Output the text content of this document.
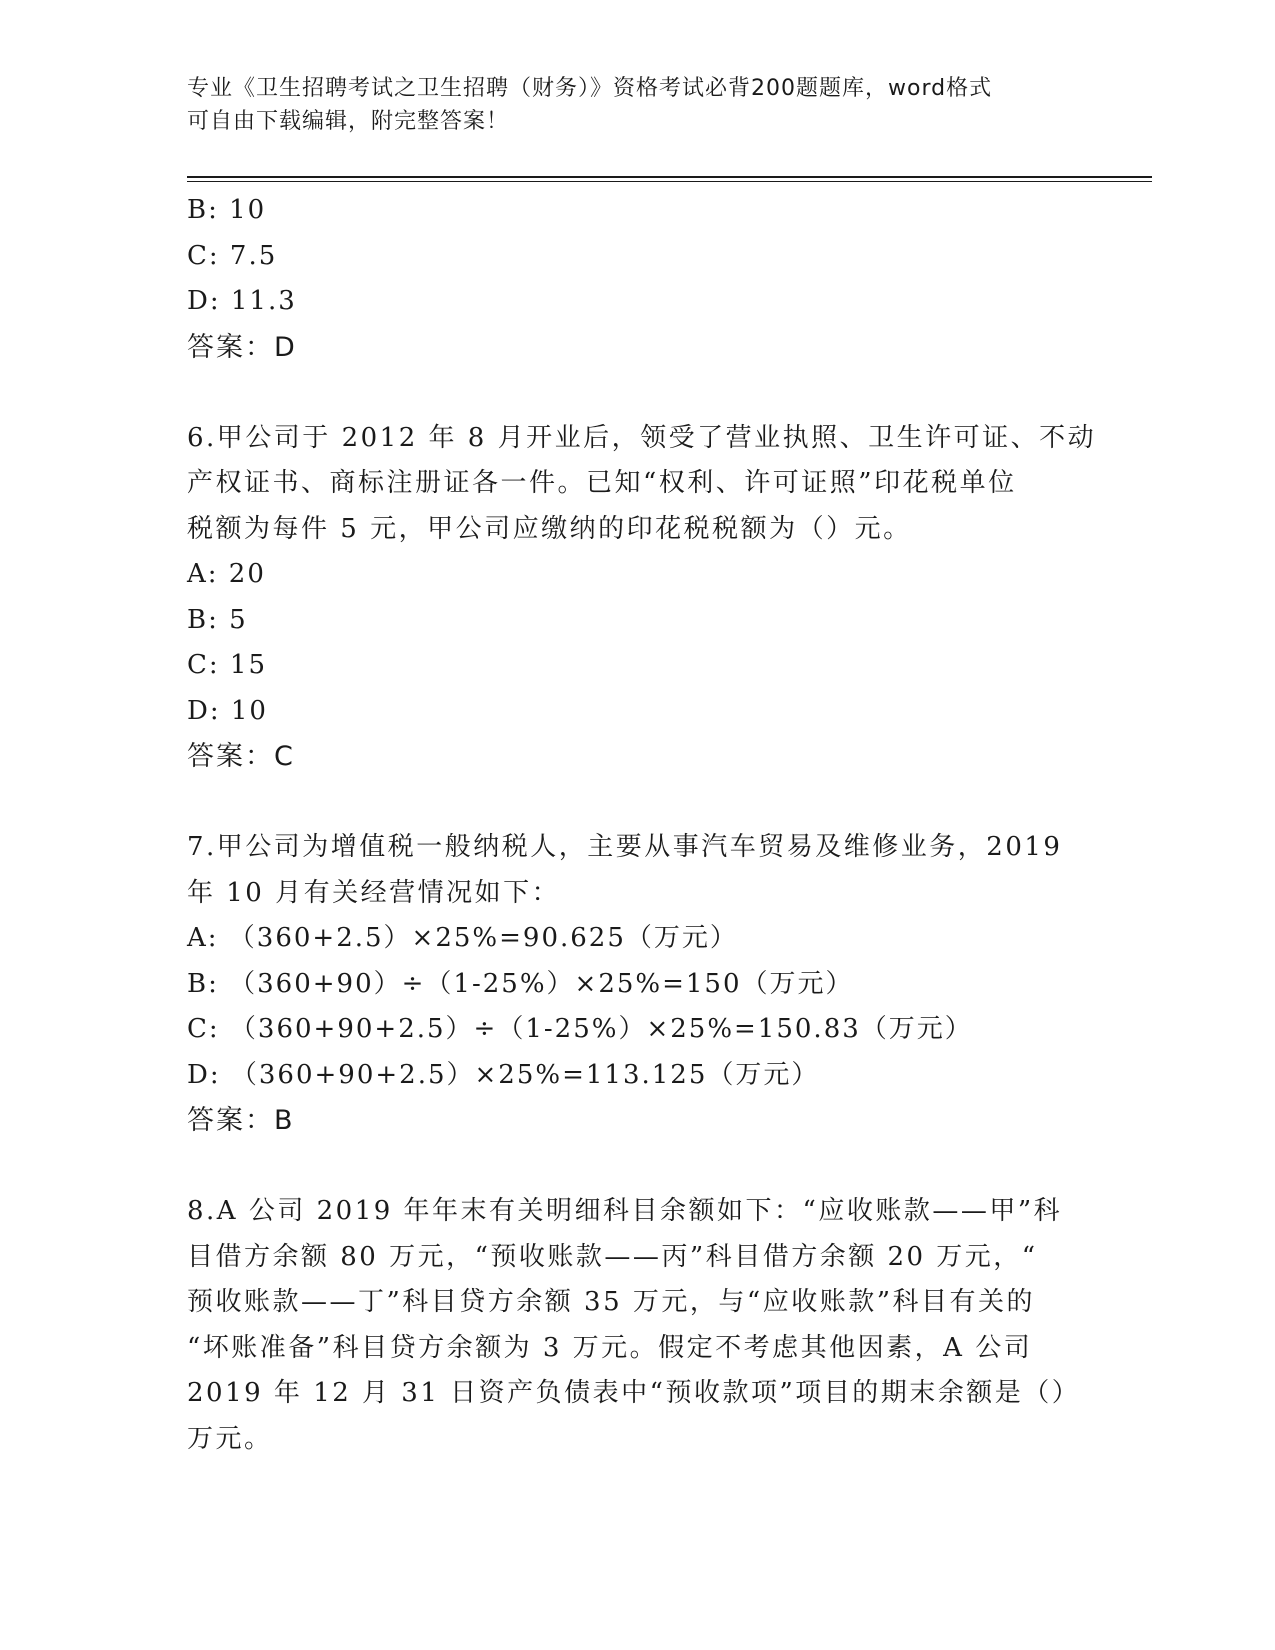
专业《卫生招聘考试之卫生招聘（财务）》资格考试必背200题题库，word格式
可自由下载编辑，附完整答案！
B: 10
C: 7.5
D: 11.3
答案：D
6.甲公司于 2012 年 8 月开业后，领受了营业执照、卫生许可证、不动
产权证书、商标注册证各一件。已知“权利、许可证照”印花税单位
税额为每件 5 元，甲公司应缴纳的印花税税额为（）元。
A: 20
B: 5
C: 15
D: 10
答案：C
7.甲公司为增值税一般纳税人，主要从事汽车贸易及维修业务，2019
年 10 月有关经营情况如下：
A: （360+2.5）×25%=90.625（万元）
B: （360+90）÷（1-25%）×25%=150（万元）
C: （360+90+2.5）÷（1-25%）×25%=150.83（万元）
D: （360+90+2.5）×25%=113.125（万元）
答案：B
8.A 公司 2019 年年末有关明细科目余额如下：“应收账款——甲”科
目借方余额 80 万元，“预收账款——丙”科目借方余额 20 万元，“
预收账款——丁”科目贷方余额 35 万元，与“应收账款”科目有关的
“坏账准备”科目贷方余额为 3 万元。假定不考虑其他因素，A 公司
2019 年 12 月 31 日资产负债表中“预收款项”项目的期末余额是（）
万元。
